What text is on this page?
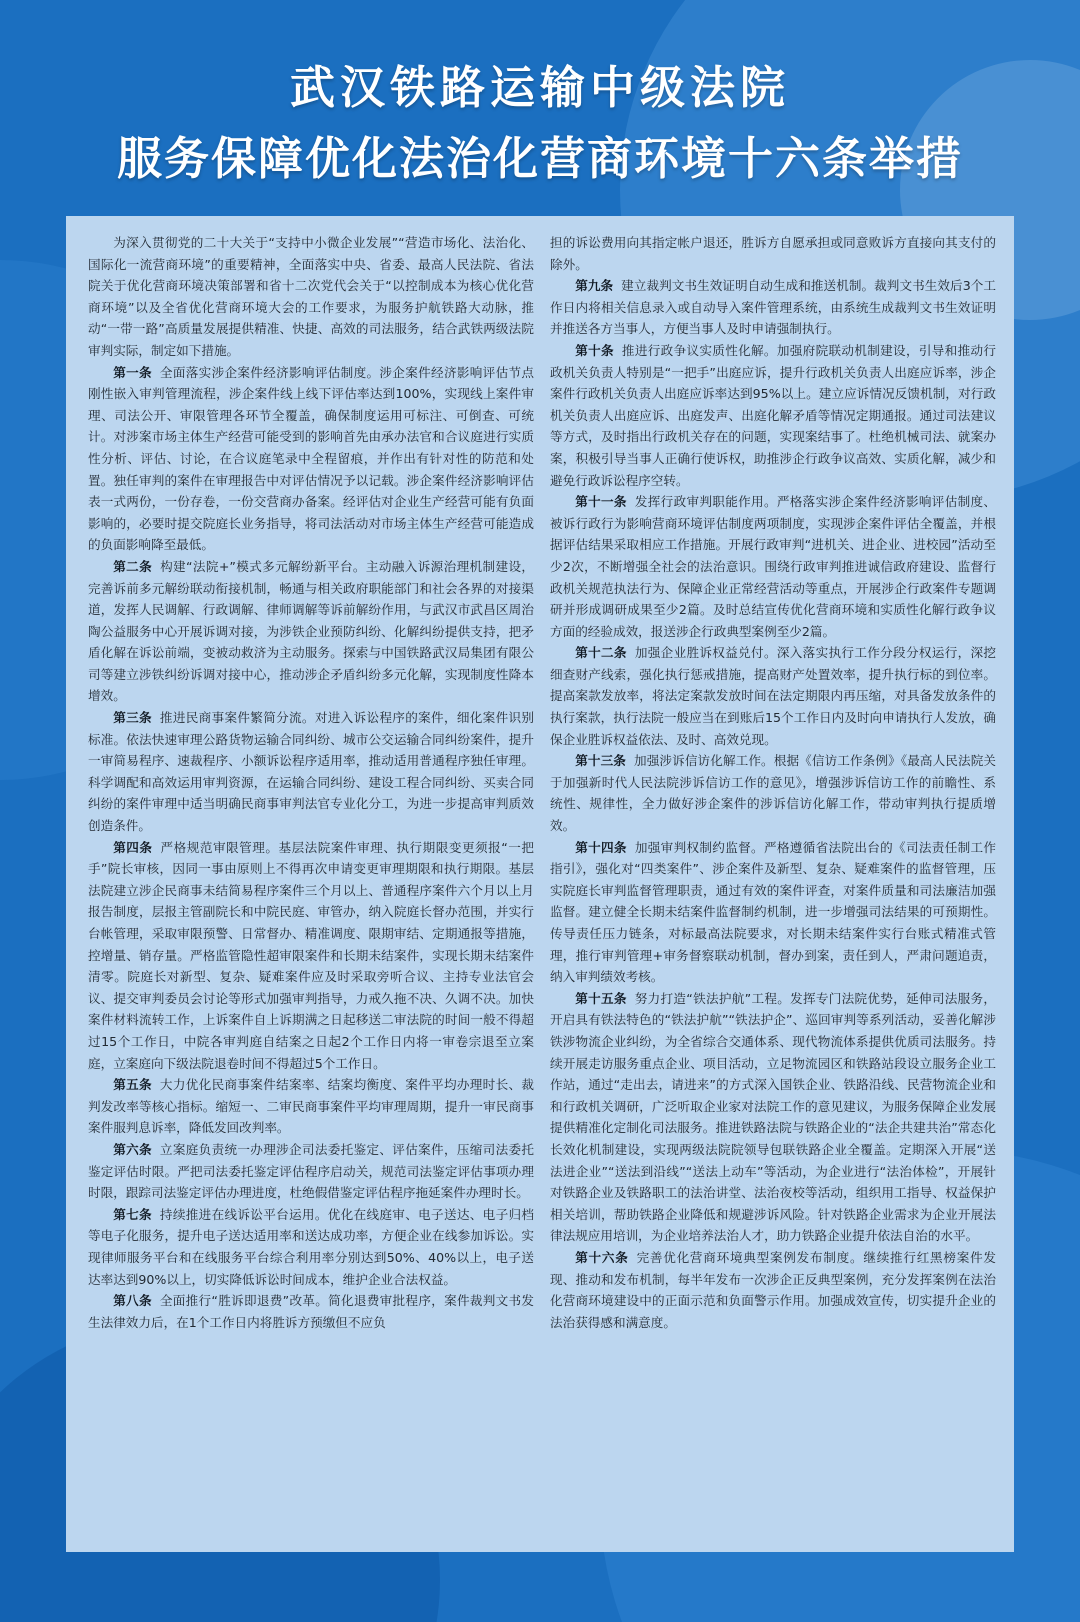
武汉铁路运输中级法院

服务保障优化法治化营商环境十六条举措

为深入贯彻党的二十大关于“支持中小微企业发展”“营造市场化、法治化、国际化一流营商环境”的重要精神，全面落实中央、省委、最高人民法院、省法院关于优化营商环境决策部署和省十二次党代会关于“以控制成本为核心优化营商环境”以及全省优化营商环境大会的工作要求，为服务护航铁路大动脉，推动“一带一路”高质量发展提供精准、快捷、高效的司法服务，结合武铁两级法院审判实际，制定如下措施。

第一条 全面落实涉企案件经济影响评估制度。涉企案件经济影响评估节点刚性嵌入审判管理流程，涉企案件线上线下评估率达到100%，实现线上案件审理、司法公开、审限管理各环节全覆盖，确保制度运用可标注、可倒查、可统计。对涉案市场主体生产经营可能受到的影响首先由承办法官和合议庭进行实质性分析、评估、讨论，在合议庭笔录中全程留痕，并作出有针对性的防范和处置。独任审判的案件在审理报告中对评估情况予以记载。涉企案件经济影响评估表一式两份，一份存卷，一份交营商办备案。经评估对企业生产经营可能有负面影响的，必要时提交院庭长业务指导，将司法活动对市场主体生产经营可能造成的负面影响降至最低。

第二条 构建“法院+”模式多元解纷新平台。主动融入诉源治理机制建设，完善诉前多元解纷联动衔接机制，畅通与相关政府职能部门和社会各界的对接渠道，发挥人民调解、行政调解、律师调解等诉前解纷作用，与武汉市武昌区周治陶公益服务中心开展诉调对接，为涉铁企业预防纠纷、化解纠纷提供支持，把矛盾化解在诉讼前端，变被动救济为主动服务。探索与中国铁路武汉局集团有限公司等建立涉铁纠纷诉调对接中心，推动涉企矛盾纠纷多元化解，实现制度性降本增效。

第三条 推进民商事案件繁简分流。对进入诉讼程序的案件，细化案件识别标准。依法快速审理公路货物运输合同纠纷、城市公交运输合同纠纷案件，提升一审简易程序、速裁程序、小额诉讼程序适用率，推动适用普通程序独任审理。科学调配和高效运用审判资源，在运输合同纠纷、建设工程合同纠纷、买卖合同纠纷的案件审理中适当明确民商事审判法官专业化分工，为进一步提高审判质效创造条件。

第四条 严格规范审限管理。基层法院案件审理、执行期限变更须报“一把手”院长审核，因同一事由原则上不得再次申请变更审理期限和执行期限。基层法院建立涉企民商事未结简易程序案件三个月以上、普通程序案件六个月以上月报告制度，层报主管副院长和中院民庭、审管办，纳入院庭长督办范围，并实行台帐管理，采取审限预警、日常督办、精准调度、限期审结、定期通报等措施，控增量、销存量。严格监管隐性超审限案件和长期未结案件，实现长期未结案件清零。院庭长对新型、复杂、疑难案件应及时采取旁听合议、主持专业法官会议、提交审判委员会讨论等形式加强审判指导，力戒久拖不决、久调不决。加快案件材料流转工作，上诉案件自上诉期满之日起移送二审法院的时间一般不得超过15个工作日，中院各审判庭自结案之日起2个工作日内将一审卷宗退至立案庭，立案庭向下级法院退卷时间不得超过5个工作日。

第五条 大力优化民商事案件结案率、结案均衡度、案件平均办理时长、裁判发改率等核心指标。缩短一、二审民商事案件平均审理周期，提升一审民商事案件服判息诉率，降低发回改判率。

第六条 立案庭负责统一办理涉企司法委托鉴定、评估案件，压缩司法委托鉴定评估时限。严把司法委托鉴定评估程序启动关，规范司法鉴定评估事项办理时限，跟踪司法鉴定评估办理进度，杜绝假借鉴定评估程序拖延案件办理时长。

第七条 持续推进在线诉讼平台运用。优化在线庭审、电子送达、电子归档等电子化服务，提升电子送达适用率和送达成功率，方便企业在线参加诉讼。实现律师服务平台和在线服务平台综合利用率分别达到50%、40%以上，电子送达率达到90%以上，切实降低诉讼时间成本，维护企业合法权益。

第八条 全面推行“胜诉即退费”改革。简化退费审批程序，案件裁判文书发生法律效力后，在1个工作日内将胜诉方预缴但不应负

担的诉讼费用向其指定帐户退还，胜诉方自愿承担或同意败诉方直接向其支付的除外。

第九条 建立裁判文书生效证明自动生成和推送机制。裁判文书生效后3个工作日内将相关信息录入或自动导入案件管理系统，由系统生成裁判文书生效证明并推送各方当事人，方便当事人及时申请强制执行。

第十条 推进行政争议实质性化解。加强府院联动机制建设，引导和推动行政机关负责人特别是“一把手”出庭应诉，提升行政机关负责人出庭应诉率，涉企案件行政机关负责人出庭应诉率达到95%以上。建立应诉情况反馈机制，对行政机关负责人出庭应诉、出庭发声、出庭化解矛盾等情况定期通报。通过司法建议等方式，及时指出行政机关存在的问题，实现案结事了。杜绝机械司法、就案办案，积极引导当事人正确行使诉权，助推涉企行政争议高效、实质化解，减少和避免行政诉讼程序空转。

第十一条 发挥行政审判职能作用。严格落实涉企案件经济影响评估制度、被诉行政行为影响营商环境评估制度两项制度，实现涉企案件评估全覆盖，并根据评估结果采取相应工作措施。开展行政审判“进机关、进企业、进校园”活动至少2次，不断增强全社会的法治意识。围绕行政审判推进诚信政府建设、监督行政机关规范执法行为、保障企业正常经营活动等重点，开展涉企行政案件专题调研并形成调研成果至少2篇。及时总结宣传优化营商环境和实质性化解行政争议方面的经验成效，报送涉企行政典型案例至少2篇。

第十二条 加强企业胜诉权益兑付。深入落实执行工作分段分权运行，深挖细查财产线索，强化执行惩戒措施，提高财产处置效率，提升执行标的到位率。提高案款发放率，将法定案款发放时间在法定期限内再压缩，对具备发放条件的执行案款，执行法院一般应当在到账后15个工作日内及时向申请执行人发放，确保企业胜诉权益依法、及时、高效兑现。

第十三条 加强涉诉信访化解工作。根据《信访工作条例》《最高人民法院关于加强新时代人民法院涉诉信访工作的意见》，增强涉诉信访工作的前瞻性、系统性、规律性，全力做好涉企案件的涉诉信访化解工作，带动审判执行提质增效。

第十四条 加强审判权制约监督。严格遵循省法院出台的《司法责任制工作指引》，强化对“四类案件”、涉企案件及新型、复杂、疑难案件的监督管理，压实院庭长审判监督管理职责，通过有效的案件评查，对案件质量和司法廉洁加强监督。建立健全长期未结案件监督制约机制，进一步增强司法结果的可预期性。传导责任压力链条，对标最高法院要求，对长期未结案件实行台账式精准式管理，推行审判管理+审务督察联动机制，督办到案，责任到人，严肃问题追责，纳入审判绩效考核。

第十五条 努力打造“铁法护航”工程。发挥专门法院优势，延伸司法服务，开启具有铁法特色的“铁法护航”“铁法护企”、巡回审判等系列活动，妥善化解涉铁涉物流企业纠纷，为全省综合交通体系、现代物流体系提供优质司法服务。持续开展走访服务重点企业、项目活动，立足物流园区和铁路站段设立服务企业工作站，通过“走出去，请进来”的方式深入国铁企业、铁路沿线、民营物流企业和和行政机关调研，广泛听取企业家对法院工作的意见建议，为服务保障企业发展提供精准化定制化司法服务。推进铁路法院与铁路企业的“法企共建共治”常态化长效化机制建设，实现两级法院院领导包联铁路企业全覆盖。定期深入开展“送法进企业”“送法到沿线”“送法上动车”等活动，为企业进行“法治体检”，开展针对铁路企业及铁路职工的法治讲堂、法治夜校等活动，组织用工指导、权益保护相关培训，帮助铁路企业降低和规避涉诉风险。针对铁路企业需求为企业开展法律法规应用培训，为企业培养法治人才，助力铁路企业提升依法自治的水平。

第十六条 完善优化营商环境典型案例发布制度。继续推行红黑榜案件发现、推动和发布机制，每半年发布一次涉企正反典型案例，充分发挥案例在法治化营商环境建设中的正面示范和负面警示作用。加强成效宣传，切实提升企业的法治获得感和满意度。
